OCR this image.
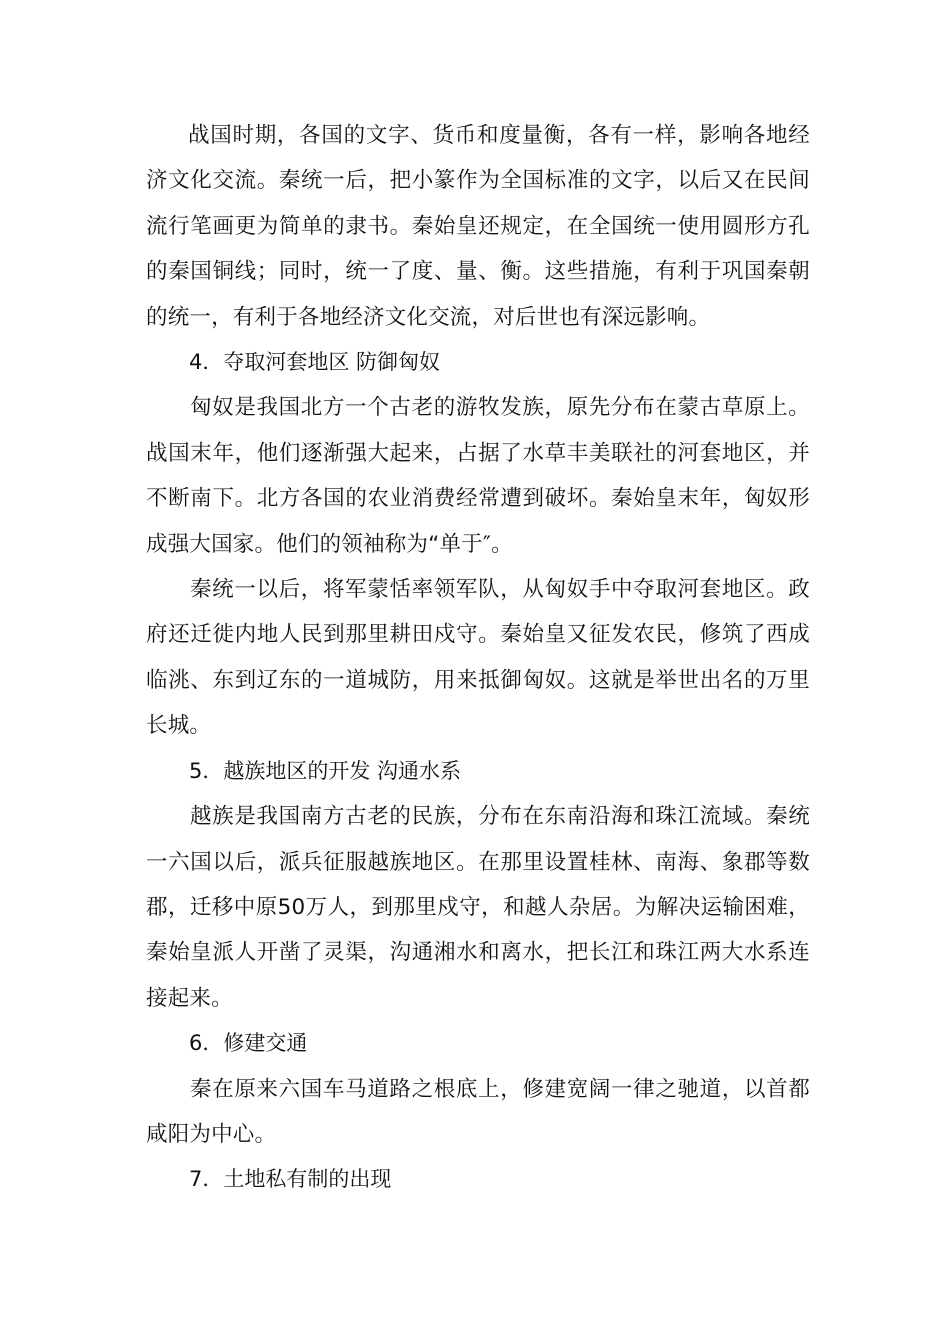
战国时期，各国的文字、货币和度量衡，各有一样，影响各地经济文化交流。秦统一后，把小篆作为全国标准的文字，以后又在民间流行笔画更为简单的隶书。秦始皇还规定，在全国统一使用圆形方孔的秦国铜线；同时，统一了度、量、衡。这些措施，有利于巩国秦朝的统一，有利于各地经济文化交流，对后世也有深远影响。

4．夺取河套地区 防御匈奴

匈奴是我国北方一个古老的游牧发族，原先分布在蒙古草原上。战国末年，他们逐渐强大起来，占据了水草丰美联社的河套地区，并不断南下。北方各国的农业消费经常遭到破坏。秦始皇末年，匈奴形成强大国家。他们的领袖称为“单于″。

秦统一以后，将军蒙恬率领军队，从匈奴手中夺取河套地区。政府还迁徙内地人民到那里耕田戍守。秦始皇又征发农民，修筑了西成临洮、东到辽东的一道城防，用来抵御匈奴。这就是举世出名的万里长城。

5．越族地区的开发 沟通水系

越族是我国南方古老的民族，分布在东南沿海和珠江流域。秦统一六国以后，派兵征服越族地区。在那里设置桂林、南海、象郡等数郡，迁移中原50万人，到那里戍守，和越人杂居。为解决运输困难，秦始皇派人开凿了灵渠，沟通湘水和离水，把长江和珠江两大水系连接起来。

6．修建交通

秦在原来六国车马道路之根底上，修建宽阔一律之驰道，以首都咸阳为中心。

7．土地私有制的出现
